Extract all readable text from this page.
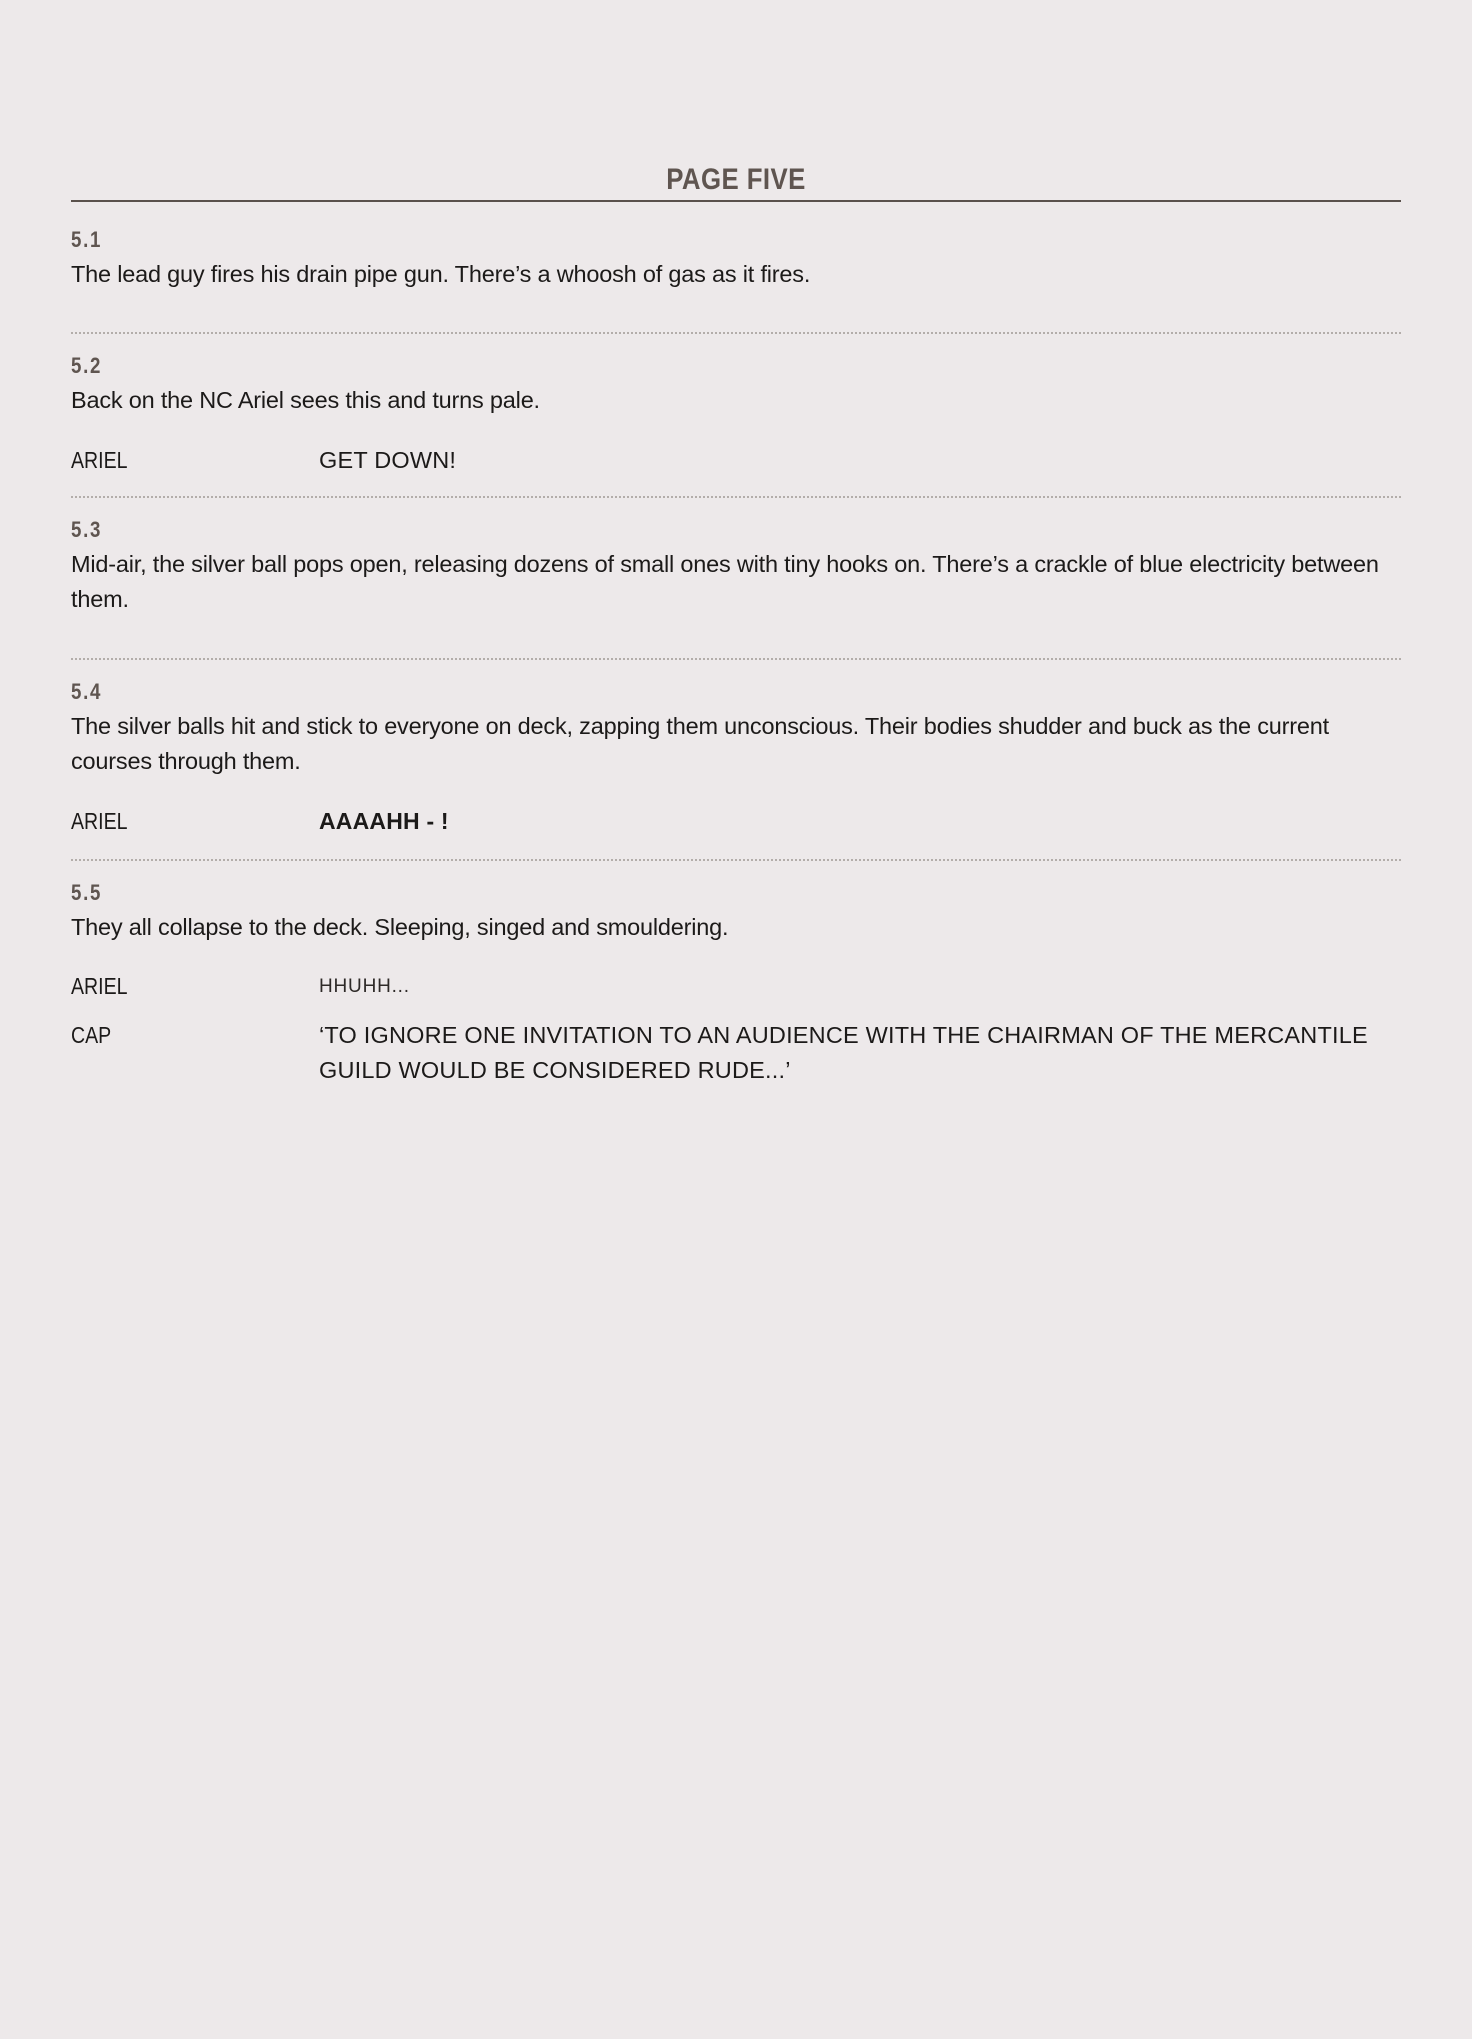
PAGE FIVE
5.1
The lead guy fires his drain pipe gun. There’s a whoosh of gas as it fires.
5.2
Back on the NC Ariel sees this and turns pale.
ARIEL	GET DOWN!
5.3
Mid-air, the silver ball pops open, releasing dozens of small ones with tiny hooks on. There’s a crackle of blue electricity between them.
5.4
The silver balls hit and stick to everyone on deck, zapping them unconscious. Their bodies shudder and buck as the current courses through them.
ARIEL	AAAAHH - !
5.5
They all collapse to the deck. Sleeping, singed and smouldering.
ARIEL	HHUHH...
CAP	‘TO IGNORE ONE INVITATION TO AN AUDIENCE WITH THE CHAIRMAN OF THE MERCANTILE GUILD WOULD BE CONSIDERED RUDE...’
